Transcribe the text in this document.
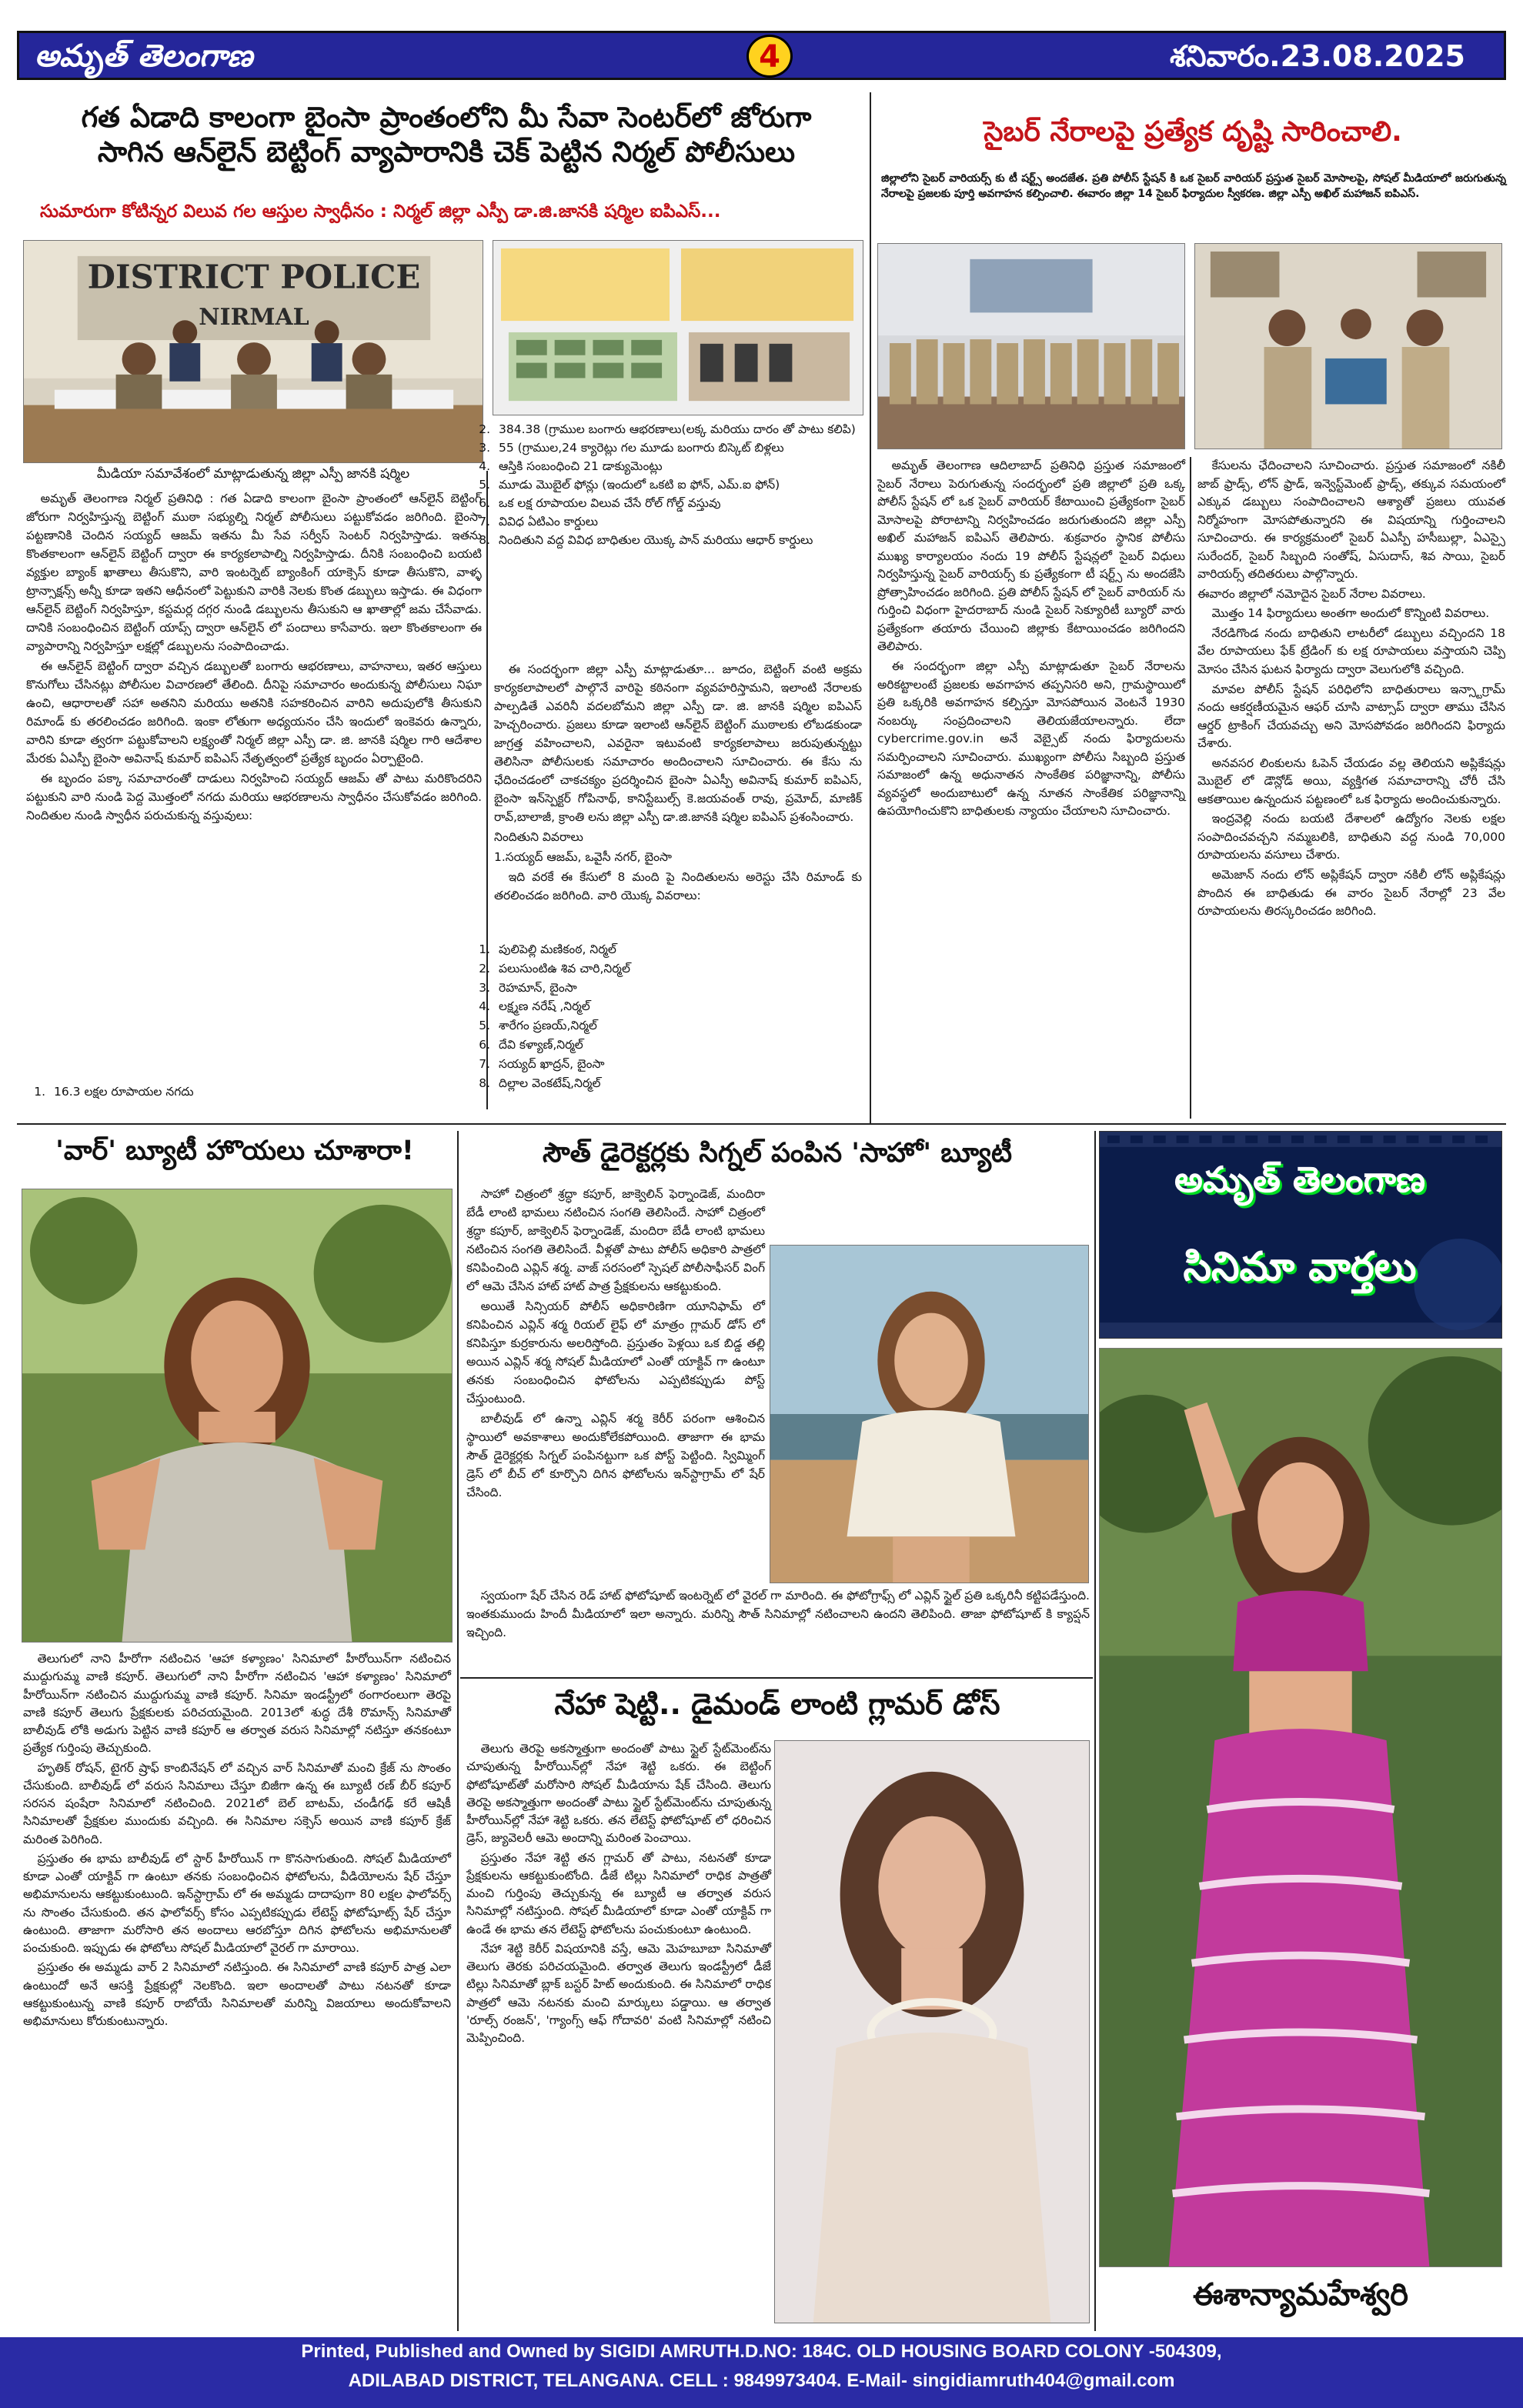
అమృత్ తెలంగాణ	4	శనివారం.23.08.2025
గత ఏడాది కాలంగా బైంసా ప్రాంతంలోని మీ సేవా సెంటర్‌లో జోరుగా
సాగిన ఆన్‌లైన్ బెట్టింగ్ వ్యాపారానికి చెక్ పెట్టిన నిర్మల్ పోలీసులు
సుమారుగా కోటిన్నర విలువ గల ఆస్తుల స్వాధీనం : నిర్మల్ జిల్లా ఎస్పీ డా.జి.జానకి షర్మిల ఐపిఎస్...
DISTRICT POLICE
NIRMAL
మీడియా సమావేశంలో మాట్లాడుతున్న జిల్లా ఎస్పీ జానకి షర్మిల
1. 16.3 లక్షల రూపాయల నగదు

అమృత్ తెలంగాణ నిర్మల్ ప్రతినిధి : గత ఏడాది కాలంగా బైంసా ప్రాంతంలో ఆన్‌లైన్ బెట్టింగ్ జోరుగా నిర్వహిస్తున్న బెట్టింగ్ ముఠా సభ్యుల్ని నిర్మల్ పోలీసులు పట్టుకోవడం జరిగింది. బైంసా పట్టణానికి చెందిన సయ్యద్ ఆజమ్ ఇతను మీ సేవ సర్వీస్ సెంటర్ నిర్వహిస్తాడు. ఇతను కొంతకాలంగా ఆన్‌లైన్ బెట్టింగ్ ద్వారా ఈ కార్యకలాపాల్ని నిర్వహిస్తాడు. దీనికి సంబంధించి బయటి వ్యక్తుల బ్యాంక్ ఖాతాలు తీసుకొని, వారి ఇంటర్నెట్ బ్యాంకింగ్ యాక్సెస్ కూడా తీసుకొని, వాళ్ళ ట్రాన్సాక్షన్స్ అన్నీ కూడా ఇతని ఆధీనంలో పెట్టుకుని వారికి నెలకు కొంత డబ్బులు ఇస్తాడు. ఈ విధంగా ఆన్‌లైన్ బెట్టింగ్ నిర్వహిస్తూ, కస్టమర్ల దగ్గర నుండి డబ్బులను తీసుకుని ఆ ఖాతాల్లో జమ చేసేవాడు. దానికి సంబంధించిన బెట్టింగ్ యాప్స్ ద్వారా ఆన్‌లైన్ లో పందాలు కాసేవారు. ఇలా కొంతకాలంగా ఈ వ్యాపారాన్ని నిర్వహిస్తూ లక్షల్లో డబ్బులను సంపాదించాడు.

ఈ ఆన్‌లైన్ బెట్టింగ్ ద్వారా వచ్చిన డబ్బులతో బంగారు ఆభరణాలు, వాహనాలు, ఇతర ఆస్తులు కొనుగోలు చేసినట్లు పోలీసుల విచారణలో తేలింది. దీనిపై సమాచారం అందుకున్న పోలీసులు నిఘా ఉంచి, ఆధారాలతో సహా అతనిని మరియు అతనికి సహకరించిన వారిని అదుపులోకి తీసుకుని రిమాండ్ కు తరలించడం జరిగింది. ఇంకా లోతుగా అధ్యయనం చేసి ఇందులో ఇంకెవరు ఉన్నారు, వారిని కూడా త్వరగా పట్టుకోవాలని లక్ష్యంతో నిర్మల్ జిల్లా ఎస్పీ డా. జి. జానకి షర్మిల గారి ఆదేశాల మేరకు ఏఎస్పీ బైంసా అవినాష్ కుమార్ ఐపిఎస్ నేతృత్వంలో ప్రత్యేక బృందం ఏర్పాటైంది.

ఈ బృందం పక్కా సమాచారంతో దాడులు నిర్వహించి సయ్యద్ ఆజమ్ తో పాటు మరికొందరిని పట్టుకుని వారి నుండి పెద్ద మొత్తంలో నగదు మరియు ఆభరణాలను స్వాధీనం చేసుకోవడం జరిగింది. నిందితుల నుండి స్వాధీన పరుచుకున్న వస్తువులు:

2. 384.38 (గ్రాముల బంగారు ఆభరణాలు(లక్క మరియు దారం తో పాటు కలిపి)
3. 55 (గ్రాముల,24 క్యారెట్లు గల మూడు బంగారు బిస్కెట్ బిళ్లలు
4. ఆస్తికి సంబంధించి 21 డాక్యుమెంట్లు
5. మూడు మొబైల్ ఫోన్లు (ఇందులో ఒకటి ఐ ఫోన్, ఎమ్.ఐ ఫోన్)
6. ఒక లక్ష రూపాయల విలువ చేసే రోల్ గోల్డ్ వస్తువు
7. వివిధ ఏటిఎం కార్డులు
8. నిందితుని వద్ద వివిధ బాధితుల యొక్క పాన్ మరియు ఆధార్ కార్డులు

ఈ సందర్భంగా జిల్లా ఎస్పీ మాట్లాడుతూ... జూదం, బెట్టింగ్ వంటి అక్రమ కార్యకలాపాలలో పాల్గొనే వారిపై కఠినంగా వ్యవహరిస్తామని, ఇలాంటి నేరాలకు పాల్పడితే ఎవరినీ వదలబోమని జిల్లా ఎస్పీ డా. జి. జానకి షర్మిల ఐపిఎస్ హెచ్చరించారు. ప్రజలు కూడా ఇలాంటి ఆన్‌లైన్ బెట్టింగ్ ముఠాలకు లోబడకుండా జాగ్రత్త వహించాలని, ఎవరైనా ఇటువంటి కార్యకలాపాలు జరుపుతున్నట్టు తెలిసినా పోలీసులకు సమాచారం అందించాలని సూచించారు. ఈ కేసు ను ఛేదించడంలో చాకచక్యం ప్రదర్శించిన బైంసా ఏఎస్పీ అవినాష్ కుమార్ ఐపిఎస్, బైంసా ఇన్‌స్పెక్టర్ గోపినాథ్, కానిస్టేబుల్స్ కె.జయవంత్ రావు, ప్రమోద్, మాణిక్ రావ్,బాలాజీ, క్రాంతి లను జిల్లా ఎస్పీ డా.జి.జానకి షర్మిల ఐపిఎస్ ప్రశంసించారు.

నిందితుని వివరాలు

1.సయ్యద్ ఆజమ్, ఒవైసీ నగర్, బైంసా

ఇది వరకే ఈ కేసులో 8 మంది పై నిందితులను అరెస్టు చేసి రిమాండ్ కు తరలించడం జరిగింది. వారి యొక్క వివరాలు:

1. పులిపెల్లి మణికంఠ, నిర్మల్
2. పలుసుంటిఉ శివ చారి,నిర్మల్
3. రెహమాన్, బైంసా
4. లక్ష్మణ నరేష్ ,నిర్మల్
5. శారేగం ప్రణయ్,నిర్మల్
6. దేవి కళ్యాణ్,నిర్మల్
7. సయ్యద్ ఖాద్రన్, బైంసా
8. దిల్లాల వెంకటేష్,నిర్మల్
సైబర్ నేరాలపై ప్రత్యేక దృష్టి సారించాలి.
జిల్లాలోని సైబర్ వారియర్స్ కు టీ షర్ట్స్ అందజేత. ప్రతి పోలీస్ స్టేషన్ కి ఒక సైబర్ వారియర్ ప్రస్తుత సైబర్ మోసాలపై, సోషల్ మీడియాలో జరుగుతున్న నేరాలపై ప్రజలకు పూర్తి అవగాహన కల్పించాలి. ఈవారం జిల్లా 14 సైబర్ ఫిర్యాదుల స్వీకరణ. జిల్లా ఎస్పీ అఖిల్ మహాజన్ ఐపిఎస్.

అమృత్ తెలంగాణ ఆదిలాబాద్ ప్రతినిధి ప్రస్తుత సమాజంలో సైబర్ నేరాలు పెరుగుతున్న సందర్భంలో ప్రతి జిల్లాలో ప్రతి ఒక్క పోలీస్ స్టేషన్ లో ఒక సైబర్ వారియర్ కేటాయించి ప్రత్యేకంగా సైబర్ మోసాలపై పోరాటాన్ని నిర్వహించడం జరుగుతుందని జిల్లా ఎస్పీ అఖిల్ మహాజన్ ఐపిఎస్ తెలిపారు. శుక్రవారం స్థానిక పోలీసు ముఖ్య కార్యాలయం నందు 19 పోలీస్ స్టేషన్లలో సైబర్ విధులు నిర్వహిస్తున్న సైబర్ వారియర్స్ కు ప్రత్యేకంగా టీ షర్ట్స్ ను అందజేసి ప్రోత్సాహించడం జరిగింది. ప్రతి పోలీస్ స్టేషన్ లో సైబర్ వారియర్ ను గుర్తించి విధంగా హైదరాబాద్ నుండి సైబర్ సెక్యూరిటీ బ్యూరో వారు ప్రత్యేకంగా తయారు చేయించి జిల్లాకు కేటాయించడం జరిగిందని తెలిపారు.

ఈ సందర్భంగా జిల్లా ఎస్పీ మాట్లాడుతూ సైబర్ నేరాలను అరికట్టాలంటే ప్రజలకు అవగాహన తప్పనిసరి అని, గ్రామస్థాయిలో ప్రతి ఒక్కరికి అవగాహన కల్పిస్తూ మోసపోయిన వెంటనే 1930 నంబర్కు సంప్రదించాలని తెలియజేయాలన్నారు. లేదా cybercrime.gov.in అనే వెబ్సైట్ నందు ఫిర్యాదులను సమర్పించాలని సూచించారు. ముఖ్యంగా పోలీసు సిబ్బంది ప్రస్తుత సమాజంలో ఉన్న అధునాతన సాంకేతిక పరిజ్ఞానాన్ని, పోలీసు వ్యవస్థలో అందుబాటులో ఉన్న నూతన సాంకేతిక పరిజ్ఞానాన్ని ఉపయోగించుకొని బాధితులకు న్యాయం చేయాలని సూచించారు.

కేసులను ఛేదించాలని సూచించారు. ప్రస్తుత సమాజంలో నకిలీ జాబ్ ఫ్రాడ్స్, లోన్ ఫ్రాడ్, ఇన్వెస్ట్‌మెంట్ ఫ్రాడ్స్, తక్కువ సమయంలో ఎక్కువ డబ్బులు సంపాదించాలని ఆశ్యాతో ప్రజలు యువత నిర్మోహంగా మోసపోతున్నారని ఈ విషయాన్ని గుర్తించాలని సూచించారు. ఈ కార్యక్రమంలో సైబర్ ఏఎస్పీ హసీబుల్లా, ఏఎస్సై సురేందర్, సైబర్ సిబ్బంది సంతోష్, ఏసుదాస్, శివ సాయి, సైబర్ వారియర్స్ తదితరులు పాల్గొన్నారు.

ఈవారం జిల్లాలో నమోదైన సైబర్ నేరాల వివరాలు.

మొత్తం 14 ఫిర్యాదులు అంతగా అందులో కొన్నింటి వివరాలు.

నేరడిగొండ నందు బాధితుని లాటరీలో డబ్బులు వచ్చిందని 18 వేల రూపాయలు ఫేక్ ట్రేడింగ్ కు లక్ష రూపాయలు వస్తాయని చెప్పి మోసం చేసిన ఘటన ఫిర్యాదు ద్వారా వెలుగులోకి వచ్చింది.

మావల పోలీస్ స్టేషన్ పరిధిలోని బాధితురాలు ఇన్స్టాగ్రామ్ నందు ఆకర్షణీయమైన ఆఫర్ చూసి వాట్సాప్ ద్వారా తాము చేసిన ఆర్డర్ ట్రాకింగ్ చేయవచ్చు అని మోసపోవడం జరిగిందని ఫిర్యాదు చేశారు.

అనవసర లింకులను ఓపెన్ చేయడం వల్ల తెలియని అప్లికేషన్లు మొబైల్ లో డౌన్లోడ్ అయి, వ్యక్తిగత సమాచారాన్ని చోరీ చేసి ఆకతాయిల ఉన్నందున పట్టణంలో ఒక ఫిర్యాదు అందించుకున్నారు.

ఇంద్రవెల్లి నందు బయటి దేశాలలో ఉద్యోగం నెలకు లక్షల సంపాదించవచ్చని నమ్మబలికి, బాధితుని వద్ద నుండి 70,000 రూపాయలను వసూలు చేశారు.

అమెజాన్ నందు లోన్ అప్లికేషన్ ద్వారా నకిలీ లోన్ అప్లికేషన్లు పొందిన ఈ బాధితుడు ఈ వారం సైబర్ నేరాల్లో 23 వేల రూపాయలను తిరస్కరించడం జరిగింది.

'వార్' బ్యూటీ హొయలు చూశారా!

తెలుగులో నాని హీరోగా నటించిన 'ఆహా కళ్యాణం' సినిమాలో హీరోయిన్‌గా నటించిన ముద్దుగుమ్మ వాణి కపూర్. తెలుగులో నాని హీరోగా నటించిన 'ఆహా కళ్యాణం' సినిమాలో హీరోయిన్‌గా నటించిన ముద్దుగుమ్మ వాణి కపూర్. సినిమా ఇండస్ట్రీలో ఠంగారంలుగా తెరపై వాణి కపూర్ తెలుగు ప్రేక్షకులకు పరిచయమైంది. 2013లో శుద్ధ దేశీ రొమాన్స్ సినిమాతో బాలీవుడ్ లోకి అడుగు పెట్టిన వాణి కపూర్ ఆ తర్వాత వరుస సినిమాల్లో నటిస్తూ తనకంటూ ప్రత్యేక గుర్తింపు తెచ్చుకుంది.

హృతిక్ రోషన్, టైగర్ ష్రాఫ్ కాంబినేషన్ లో వచ్చిన వార్ సినిమాతో మంచి క్రేజ్ ను సొంతం చేసుకుంది. బాలీవుడ్ లో వరుస సినిమాలు చేస్తూ బిజీగా ఉన్న ఈ బ్యూటీ రణ్ బీర్ కపూర్ సరసన షంషేరా సినిమాలో నటించింది. 2021లో బెల్ బాటమ్, చండీగఢ్ కరే ఆషికీ సినిమాలతో ప్రేక్షకుల ముందుకు వచ్చింది. ఈ సినిమాల సక్సెస్ అయిన వాణి కపూర్ క్రేజ్ మరింత పెరిగింది.

ప్రస్తుతం ఈ భామ బాలీవుడ్ లో స్టార్ హీరోయిన్ గా కొనసాగుతుంది. సోషల్ మీడియాలో కూడా ఎంతో యాక్టివ్ గా ఉంటూ తనకు సంబంధించిన ఫోటోలను, వీడియోలను షేర్ చేస్తూ అభిమానులను ఆకట్టుకుంటుంది. ఇన్‌స్టాగ్రామ్ లో ఈ అమ్మడు దాదాపుగా 80 లక్షల ఫాలోవర్స్ ను సొంతం చేసుకుంది. తన ఫాలోవర్స్ కోసం ఎప్పటికప్పుడు లేటెస్ట్ ఫోటోషూట్స్ షేర్ చేస్తూ ఉంటుంది. తాజాగా మరోసారి తన అందాలు ఆరబోస్తూ దిగిన ఫోటోలను అభిమానులతో పంచుకుంది. ఇప్పుడు ఈ ఫోటోలు సోషల్ మీడియాలో వైరల్ గా మారాయి.

ప్రస్తుతం ఈ అమ్మడు వార్ 2 సినిమాలో నటిస్తుంది. ఈ సినిమాలో వాణి కపూర్ పాత్ర ఎలా ఉంటుందో అనే ఆసక్తి ప్రేక్షకుల్లో నెలకొంది. ఇలా అందాలతో పాటు నటనతో కూడా ఆకట్టుకుంటున్న వాణి కపూర్ రాబోయే సినిమాలతో మరిన్ని విజయాలు అందుకోవాలని అభిమానులు కోరుకుంటున్నారు.

సౌత్ డైరెక్టర్లకు సిగ్నల్ పంపిన 'సాహో' బ్యూటీ

సాహో చిత్రంలో శ్రద్ధా కపూర్, జాక్వెలిన్ ఫెర్నాండెజ్, మందిరా బేడీ లాంటి భామలు నటించిన సంగతి తెలిసిందే. సాహో చిత్రంలో శ్రద్ధా కపూర్, జాక్వెలిన్ ఫెర్నాండెజ్, మందిరా బేడీ లాంటి భామలు నటించిన సంగతి తెలిసిందే. వీళ్లతో పాటు పోలీస్ అధికారి పాత్రలో కనిపించింది ఎవ్లిన్ శర్మ. వాజ్ సరసంలో స్పెషల్ పోలీసాఫీసర్ వింగ్ లో ఆమె చేసిన హాట్ హాట్ పాత్ర ప్రేక్షకులను ఆకట్టుకుంది.

అయితే సిన్సియర్ పోలీస్ అధికారిణిగా యూనిఫామ్ లో కనిపించిన ఎవ్లిన్ శర్మ రియల్ లైఫ్ లో మాత్రం గ్లామర్ డోస్ లో కనిపిస్తూ కుర్రకారును అలరిస్తోంది. ప్రస్తుతం పెళ్లయి ఒక బిడ్డ తల్లి అయిన ఎవ్లిన్ శర్మ సోషల్ మీడియాలో ఎంతో యాక్టివ్ గా ఉంటూ తనకు సంబంధించిన ఫోటోలను ఎప్పటికప్పుడు పోస్ట్ చేస్తుంటుంది.

బాలీవుడ్ లో ఉన్నా ఎవ్లిన్ శర్మ కెరీర్ పరంగా ఆశించిన స్థాయిలో అవకాశాలు అందుకోలేకపోయింది. తాజాగా ఈ భామ సౌత్ డైరెక్టర్లకు సిగ్నల్ పంపినట్టుగా ఒక పోస్ట్ పెట్టింది. స్విమ్మింగ్ డ్రెస్ లో బీచ్ లో కూర్చొని దిగిన ఫోటోలను ఇన్‌స్టాగ్రామ్ లో షేర్ చేసింది.

స్వయంగా షేర్ చేసిన రెడ్ హాట్ ఫోటోషూట్ ఇంటర్నెట్ లో వైరల్ గా మారింది. ఈ ఫోటోగ్రాఫ్స్ లో ఎవ్లిన్ స్టైల్ ప్రతి ఒక్కరినీ కట్టిపడేస్తుంది. ఇంతకుముందు హిందీ మీడియాలో ఇలా అన్నారు. మరిన్ని సౌత్ సినిమాల్లో నటించాలని ఉందని తెలిపింది. తాజా ఫోటోషూట్ కి క్యాప్షన్ ఇచ్చింది.

నేహా షెట్టి.. డైమండ్ లాంటి గ్లామర్ డోస్

తెలుగు తెరపై అకస్మాత్తుగా అందంతో పాటు స్టైల్ స్టేట్‌మెంట్‌ను చూపుతున్న హీరోయిన్‌ల్లో నేహా శెట్టి ఒకరు. ఈ బెట్టింగ్ ఫోటోషూట్‌తో మరోసారి సోషల్ మీడియాను షేక్ చేసింది. తెలుగు తెరపై అకస్మాత్తుగా అందంతో పాటు స్టైల్ స్టేట్‌మెంట్‌ను చూపుతున్న హీరోయిన్‌ల్లో నేహా శెట్టి ఒకరు. తన లేటెస్ట్ ఫోటోషూట్ లో ధరించిన డ్రెస్, జ్యువెలరీ ఆమె అందాన్ని మరింత పెంచాయి.

ప్రస్తుతం నేహా శెట్టి తన గ్లామర్ తో పాటు, నటనతో కూడా ప్రేక్షకులను ఆకట్టుకుంటోంది. డీజే టిల్లు సినిమాలో రాధిక పాత్రతో మంచి గుర్తింపు తెచ్చుకున్న ఈ బ్యూటీ ఆ తర్వాత వరుస సినిమాల్లో నటిస్తుంది. సోషల్ మీడియాలో కూడా ఎంతో యాక్టివ్ గా ఉండే ఈ భామ తన లేటెస్ట్ ఫోటోలను పంచుకుంటూ ఉంటుంది.

నేహా శెట్టి కెరీర్ విషయానికి వస్తే, ఆమె మెహబూబా సినిమాతో తెలుగు తెరకు పరిచయమైంది. తర్వాత తెలుగు ఇండస్ట్రీలో డీజే టిల్లు సినిమాతో బ్లాక్ బస్టర్ హిట్ అందుకుంది. ఈ సినిమాలో రాధిక పాత్రలో ఆమె నటనకు మంచి మార్కులు పడ్డాయి. ఆ తర్వాత 'రూల్స్ రంజన్', 'గ్యాంగ్స్ ఆఫ్ గోదావరి' వంటి సినిమాల్లో నటించి మెప్పించింది.

అమృత్ తెలంగాణ
సినిమా వార్తలు
ఈశాన్యామహేశ్వరి
Printed, Published and Owned by SIGIDI AMRUTH.D.NO: 184C. OLD HOUSING BOARD COLONY -504309,
ADILABAD DISTRICT, TELANGANA. CELL : 9849973404. E-Mail- singidiamruth404@gmail.com
